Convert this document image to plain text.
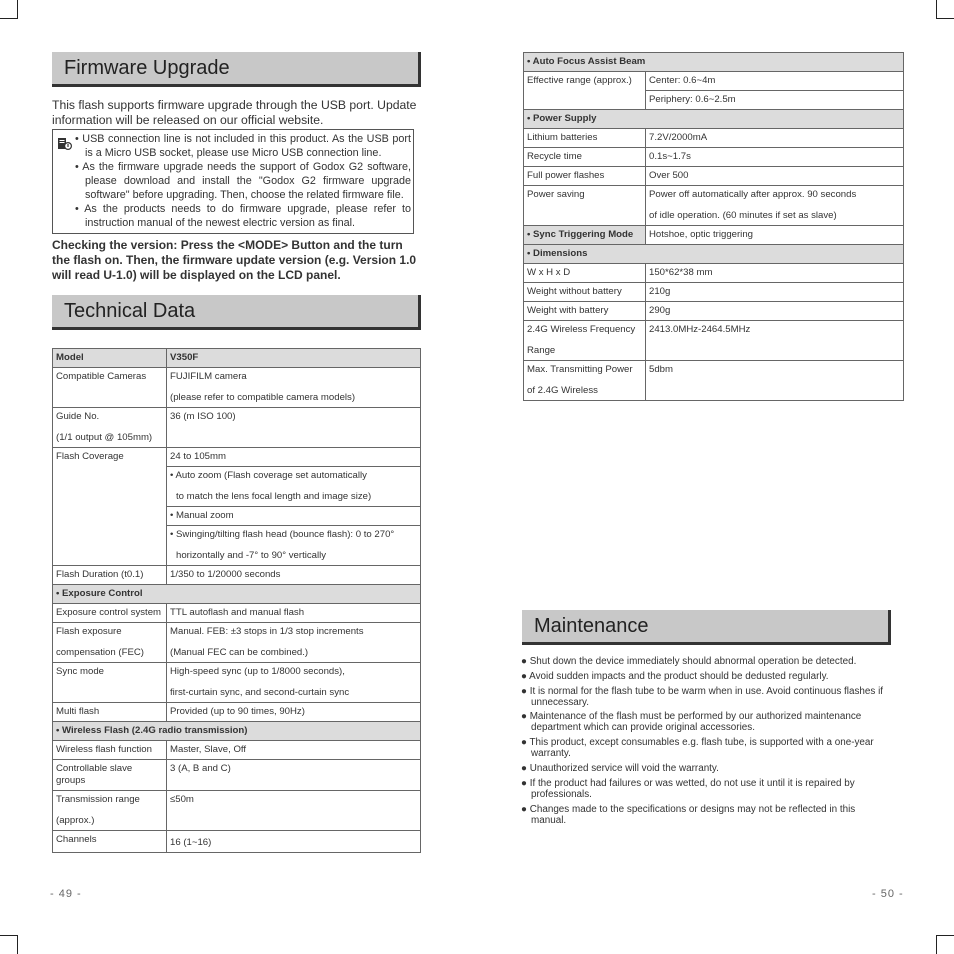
Firmware Upgrade
This flash supports firmware upgrade through the USB port. Update information will be released on our official website.
• USB connection line is not included in this product. As the USB port is a Micro USB socket, please use Micro USB connection line.
• As the firmware upgrade needs the support of Godox G2 software, please download and install the "Godox G2 firmware upgrade software" before upgrading. Then, choose the related firmware file.
• As the products needs to do firmware upgrade, please refer to instruction manual of the newest electric version as final.
Checking the version: Press the <MODE> Button and the turn the flash on. Then, the firmware update version (e.g. Version 1.0 will read U-1.0) will be displayed on the LCD panel.
Technical Data
Model	V350F
Compatible Cameras	FUJIFILM camera
(please refer to compatible camera models)

Guide No.
(1/1 output @ 105mm)	36 (m ISO 100)
Flash Coverage	24 to 105mm

	• Auto zoom (Flash coverage set automatically
to match the lens focal length and image size)

	• Manual zoom

	• Swinging/tilting flash head (bounce flash): 0 to 270°
horizontally and -7° to 90° vertically

Flash Duration (t0.1)	1/350 to 1/20000 seconds
• Exposure Control	
Exposure control system	TTL autoflash and manual flash

Flash exposure
compensation (FEC)	Manual. FEB: ±3 stops in 1/3 stop increments
(Manual FEC can be combined.)

Sync mode	High-speed sync (up to 1/8000 seconds),
first-curtain sync, and second-curtain sync

Multi flash	Provided (up to 90 times, 90Hz)
• Wireless Flash (2.4G radio transmission)	
Wireless flash function	Master, Slave, Off
Controllable slave groups	3 (A, B and C)

Transmission range
(approx.)	≤50m
Channels	16 (1~16)
• Auto Focus Assist Beam	
Effective range (approx.)	Center: 0.6~4m
	Periphery: 0.6~2.5m
• Power Supply	
Lithium batteries	7.2V/2000mA
Recycle time	0.1s~1.7s
Full power flashes	Over 500
Power saving	Power off automatically after approx. 90 seconds
of idle operation. (60 minutes if set as slave)

• Sync Triggering Mode	Hotshoe, optic triggering
• Dimensions	
W x H x D	150*62*38 mm
Weight without battery	210g
Weight with battery	290g

2.4G Wireless Frequency
Range	2413.0MHz-2464.5MHz

Max. Transmitting Power
of 2.4G Wireless	5dbm
Maintenance
● Shut down the device immediately should abnormal operation be detected.
● Avoid sudden impacts and the product should be dedusted regularly.
● It is normal for the flash tube to be warm when in use. Avoid continuous flashes if unnecessary.
● Maintenance of the flash must be performed by our authorized maintenance department which can provide original accessories.
● This product, except consumables e.g. flash tube, is supported with a one-year warranty.
● Unauthorized service will void the warranty.
● If the product had failures or was wetted, do not use it until it is repaired by professionals.
● Changes made to the specifications or designs may not be reflected in this manual.
- 49 -	- 50 -
